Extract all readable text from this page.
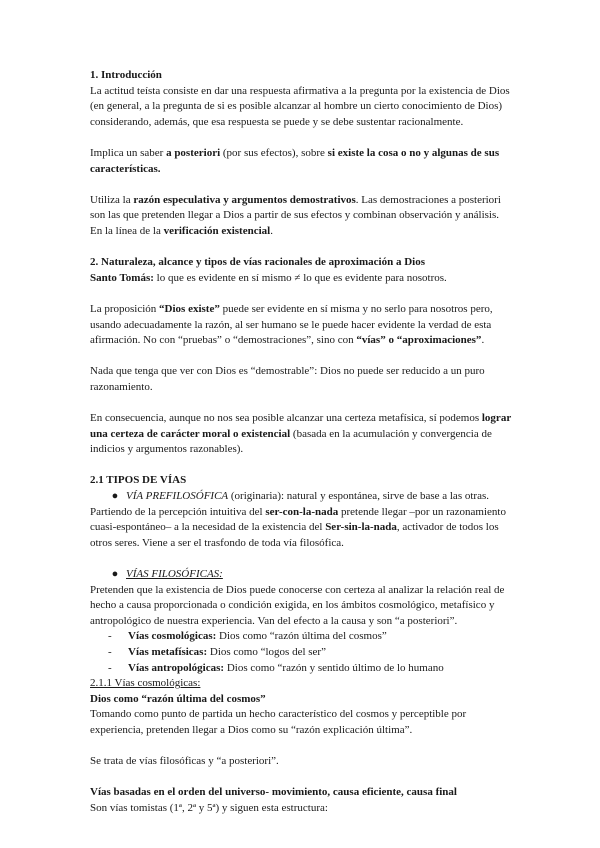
1. Introducción

La actitud teísta consiste en dar una respuesta afirmativa a la pregunta por la existencia de Dios (en general, a la pregunta de si es posible alcanzar al hombre un cierto conocimiento de Dios) considerando, además, que esa respuesta se puede y se debe sustentar racionalmente.

Implica un saber a posteriori (por sus efectos), sobre si existe la cosa o no y algunas de sus características.

Utiliza la razón especulativa y argumentos demostrativos. Las demostraciones a posteriori son las que pretenden llegar a Dios a partir de sus efectos y combinan observación y análisis. En la línea de la verificación existencial.

2. Naturaleza, alcance y tipos de vías racionales de aproximación a Dios

Santo Tomás: lo que es evidente en sí mismo ≠ lo que es evidente para nosotros.

La proposición “Dios existe” puede ser evidente en sí misma y no serlo para nosotros pero, usando adecuadamente la razón, al ser humano se le puede hacer evidente la verdad de esta afirmación. No con “pruebas” o “demostraciones”, sino con “vías” o “aproximaciones”.

Nada que tenga que ver con Dios es “demostrable”: Dios no puede ser reducido a un puro razonamiento.

En consecuencia, aunque no nos sea posible alcanzar una certeza metafísica, sí podemos lograr una certeza de carácter moral o existencial (basada en la acumulación y convergencia de indicios y argumentos razonables).

2.1 TIPOS DE VÍAS

● VÍA PREFILOSÓFICA (originaria): natural y espontánea, sirve de base a las otras.

Partiendo de la percepción intuitiva del ser-con-la-nada pretende llegar –por un razonamiento cuasi-espontáneo– a la necesidad de la existencia del Ser-sin-la-nada, activador de todos los otros seres. Viene a ser el trasfondo de toda vía filosófica.

● VÍAS FILOSÓFICAS:

Pretenden que la existencia de Dios puede conocerse con certeza al analizar la relación real de hecho a causa proporcionada o condición exigida, en los ámbitos cosmológico, metafísico y antropológico de nuestra experiencia. Van del efecto a la causa y son “a posteriori”.

-	Vías cosmológicas: Dios como “razón última del cosmos”
-	Vías metafísicas: Dios como “logos del ser”
-	Vías antropológicas: Dios como “razón y sentido último de lo humano

2.1.1 Vías cosmológicas:

Dios como “razón última del cosmos”

Tomando como punto de partida un hecho característico del cosmos y perceptible por experiencia, pretenden llegar a Dios como su “razón explicación última”.

Se trata de vías filosóficas y “a posteriori”.

Vías basadas en el orden del universo- movimiento, causa eficiente, causa final

Son vías tomistas (1ª, 2ª y 5ª) y siguen esta estructura:
